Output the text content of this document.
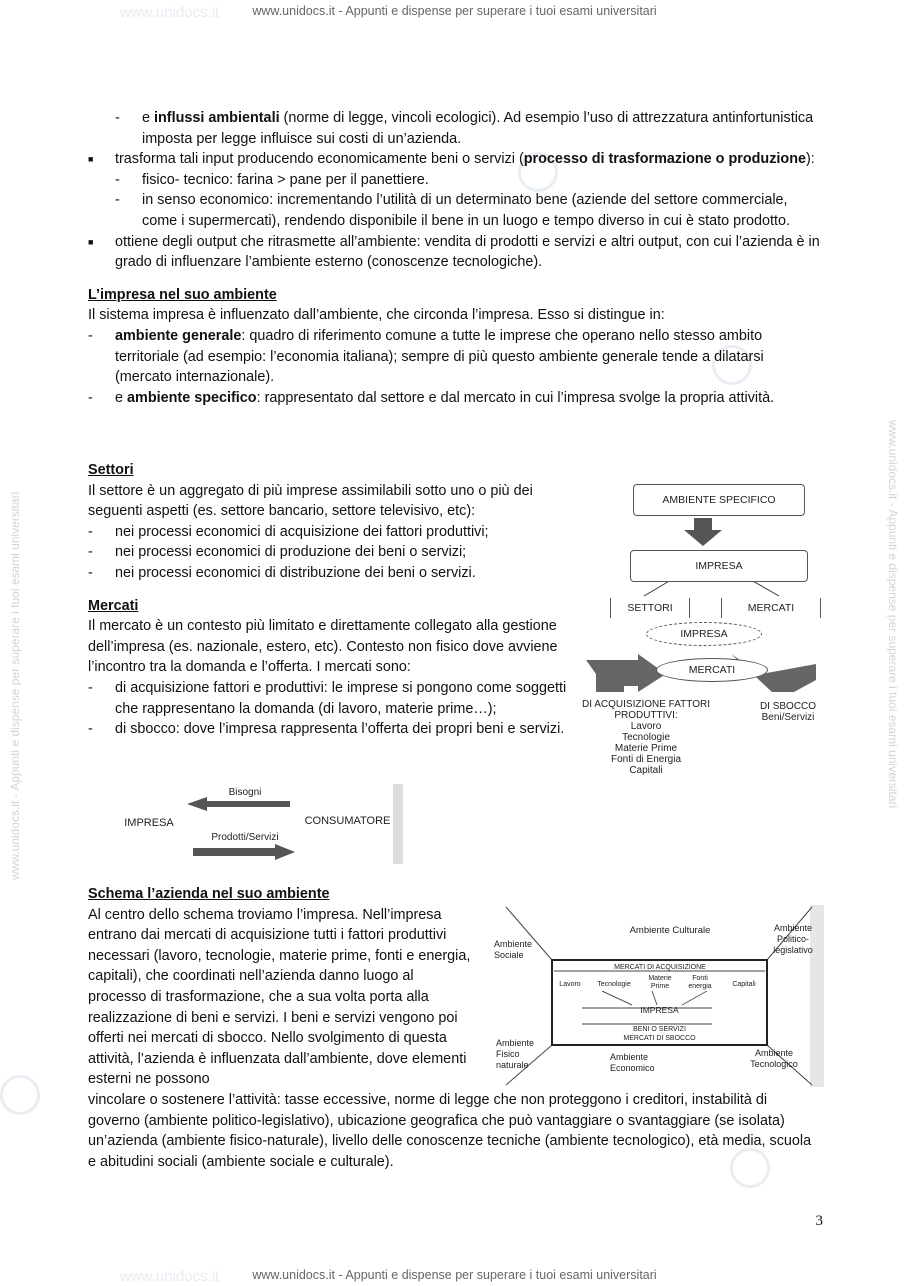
www.unidocs.it - Appunti e dispense per superare i tuoi esami universitari
www.unidocs.it - Appunti e dispense per superare i tuoi esami universitari
www.unidocs.it
www.unidocs.it
www.unidocs.it - Appunti e dispense per superare i tuoi esami universitari	www.unidocs.it - Appunti e dispense per superare i tuoi esami universitari

- e influssi ambientali (norme di legge, vincoli ecologici). Ad esempio l’uso di attrezzatura antinfortunistica imposta per legge influisce sui costi di un’azienda.

■ trasforma tali input producendo economicamente beni o servizi (processo di trasformazione o produzione):

- fisico- tecnico: farina > pane per il panettiere.

- in senso economico: incrementando l’utilità di un determinato bene (aziende del settore commerciale, come i supermercati), rendendo disponibile il bene in un luogo e tempo diverso in cui è stato prodotto.

■ ottiene degli output che ritrasmette all’ambiente: vendita di prodotti e servizi e altri output, con cui l’azienda è in grado di influenzare l’ambiente esterno (conoscenze tecnologiche).

L’impresa nel suo ambiente

Il sistema impresa è influenzato dall’ambiente, che circonda l’impresa. Esso si distingue in:

- ambiente generale: quadro di riferimento comune a tutte le imprese che operano nello stesso ambito territoriale (ad esempio: l’economia italiana); sempre di più questo ambiente generale tende a dilatarsi (mercato internazionale).

- e ambiente specifico: rappresentato dal settore e dal mercato in cui l’impresa svolge la propria attività.

Settori

Il settore è un aggregato di più imprese assimilabili sotto uno o più dei seguenti aspetti (es. settore bancario, settore televisivo, etc):

- nei processi economici di acquisizione dei fattori produttivi;

- nei processi economici di produzione dei beni o servizi;

- nei processi economici di distribuzione dei beni o servizi.

Mercati

Il mercato è un contesto più limitato e direttamente collegato alla gestione dell’impresa (es. nazionale, estero, etc). Contesto non fisico dove avviene l’incontro tra la domanda e l’offerta. I mercati sono:

- di acquisizione fattori e produttivi: le imprese si pongono come soggetti che rappresentano la domanda (di lavoro, materie prime…);

- di sbocco: dove l’impresa rappresenta l’offerta dei propri beni e servizi.

AMBIENTE SPECIFICO
IMPRESA
SETTORI	MERCATI
IMPRESA
MERCATI
DI ACQUISIZIONE FATTORI PRODUTTIVI:
Lavoro
Tecnologie
Materie Prime
Fonti di Energia
Capitali
DI SBOCCO
Beni/Servizi
Bisogni
IMPRESA	CONSUMATORE
Prodotti/Servizi

Schema l’azienda nel suo ambiente

Al centro dello schema troviamo l’impresa. Nell’impresa entrano dai mercati di acquisizione tutti i fattori produttivi necessari (lavoro, tecnologie, materie prime, fonti e energia, capitali), che coordinati nell’azienda danno luogo al processo di trasformazione, che a sua volta porta alla realizzazione di beni e servizi. I beni e servizi vengono poi offerti nei mercati di sbocco. Nello svolgimento di questa attività, l’azienda è influenzata dall’ambiente, dove elementi esterni ne possono

vincolare o sostenere l’attività: tasse eccessive, norme di legge che non proteggono i creditori, instabilità di governo (ambiente politico-legislativo), ubicazione geografica che può vantaggiare o svantaggiare (se isolata) un’azienda (ambiente fisico-naturale), livello delle conoscenze tecniche (ambiente tecnologico), età media, scuola e abitudini sociali (ambiente sociale e culturale).

Ambiente Culturale	Ambiente Politico-legislativo
Ambiente Sociale
MERCATI DI ACQUISIZIONE
Lavoro	Tecnologie
Materie Prime
Fonti energia	Capitali
IMPRESA
BENI O SERVIZI
MERCATI DI SBOCCO
Ambiente Fisico naturale
Ambiente Economico
Ambiente Tecnologico
3
